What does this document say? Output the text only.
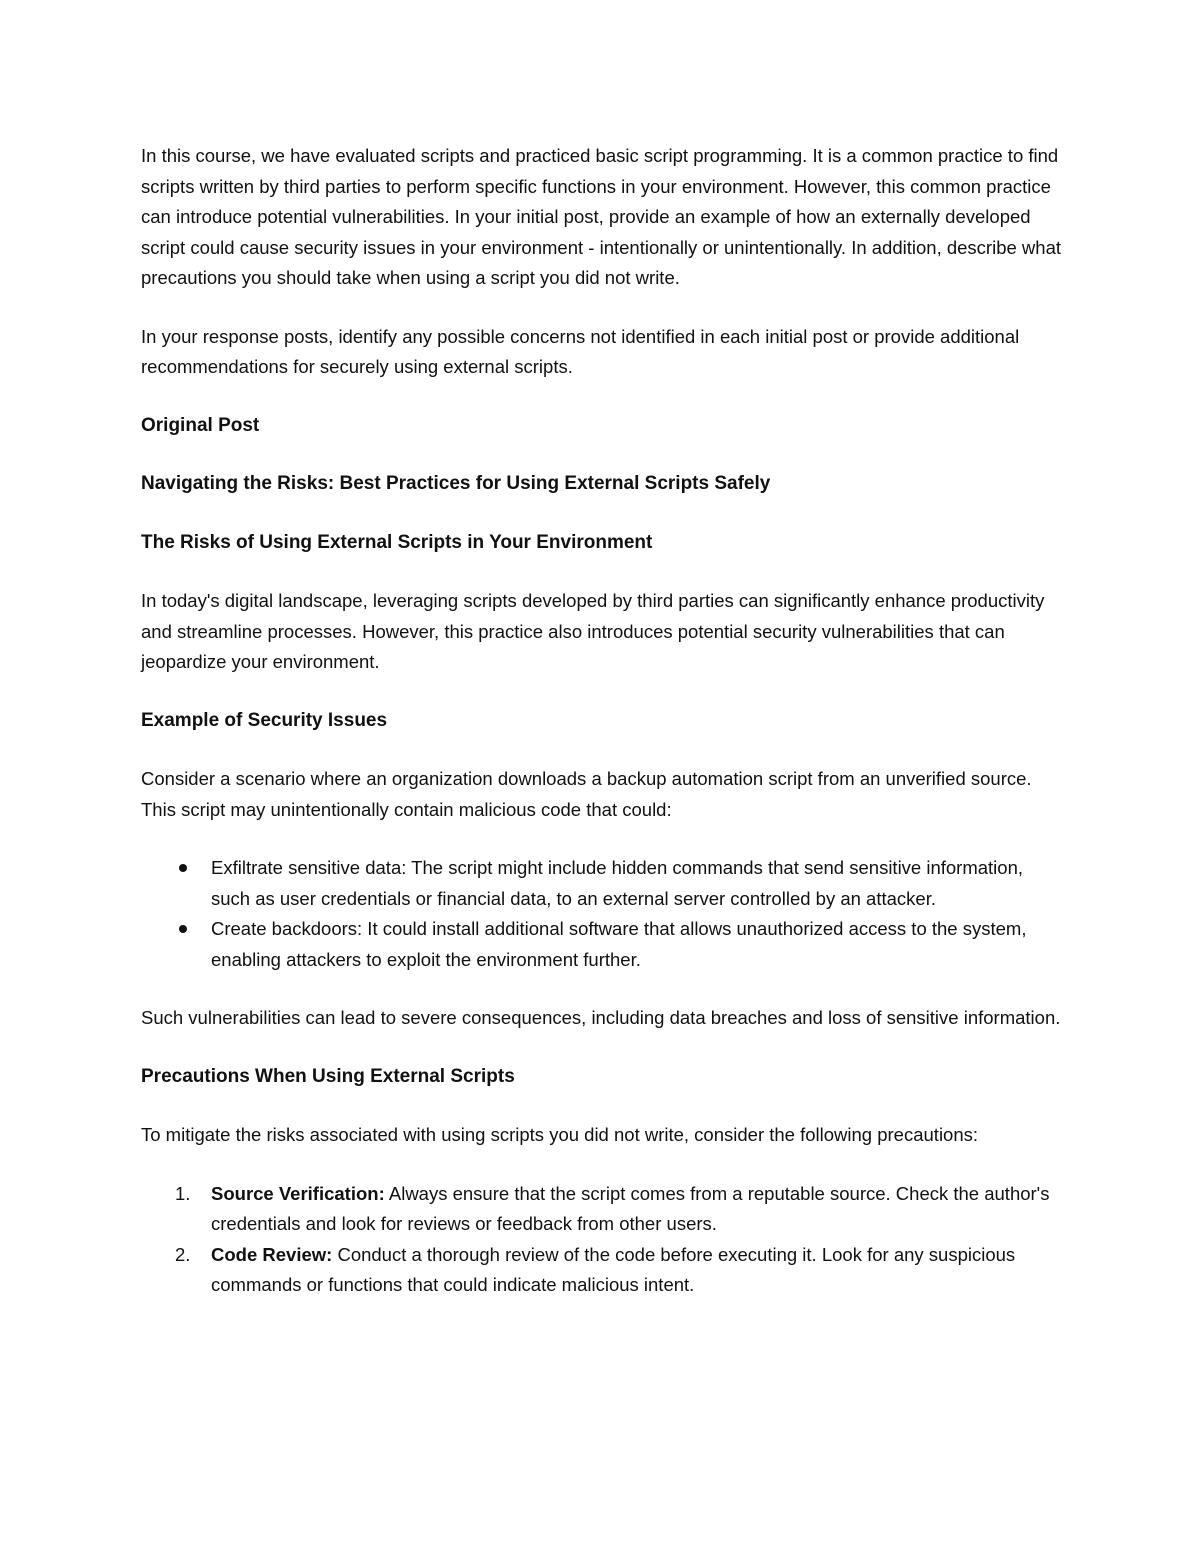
In this course, we have evaluated scripts and practiced basic script programming. It is a common practice to find scripts written by third parties to perform specific functions in your environment. However, this common practice can introduce potential vulnerabilities. In your initial post, provide an example of how an externally developed script could cause security issues in your environment - intentionally or unintentionally. In addition, describe what precautions you should take when using a script you did not write.

In your response posts, identify any possible concerns not identified in each initial post or provide additional recommendations for securely using external scripts.

Original Post
Navigating the Risks: Best Practices for Using External Scripts Safely
The Risks of Using External Scripts in Your Environment

In today's digital landscape, leveraging scripts developed by third parties can significantly enhance productivity and streamline processes. However, this practice also introduces potential security vulnerabilities that can jeopardize your environment.

Example of Security Issues

Consider a scenario where an organization downloads a backup automation script from an unverified source. This script may unintentionally contain malicious code that could:

Exfiltrate sensitive data: The script might include hidden commands that send sensitive information, such as user credentials or financial data, to an external server controlled by an attacker.
Create backdoors: It could install additional software that allows unauthorized access to the system, enabling attackers to exploit the environment further.

Such vulnerabilities can lead to severe consequences, including data breaches and loss of sensitive information.

Precautions When Using External Scripts

To mitigate the risks associated with using scripts you did not write, consider the following precautions:

1. Source Verification: Always ensure that the script comes from a reputable source. Check the author's credentials and look for reviews or feedback from other users.
2. Code Review: Conduct a thorough review of the code before executing it. Look for any suspicious commands or functions that could indicate malicious intent.
